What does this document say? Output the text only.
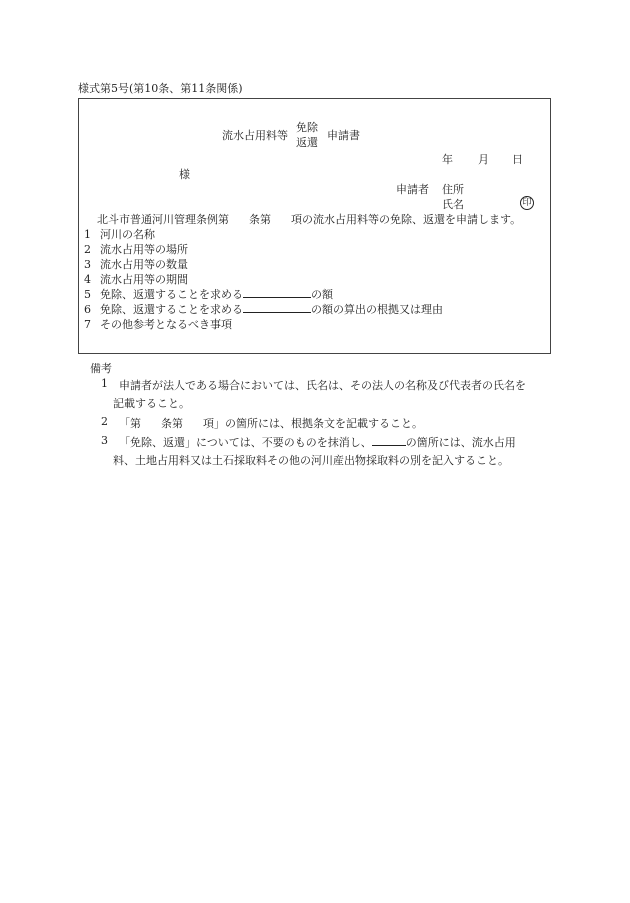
様式第5号(第10条、第11条関係)
流水占用料等
免除
返還
申請書
年 月 日
様
申請者 住所
氏名	印
北斗市普通河川管理条例第 条第 項の流水占用料等の免除、返還を申請します。
1 河川の名称
2 流水占用等の場所
3 流水占用等の数量
4 流水占用等の期間
5 免除、返還することを求める	の額
6 免除、返還することを求める	の額の算出の根拠又は理由
7 その他参考となるべき事項
備考
1 申請者が法人である場合においては、氏名は、その法人の名称及び代表者の氏名を
記載すること。
2 「第 条第 項」の箇所には、根拠条文を記載すること。
3 「免除、返還」については、不要のものを抹消し、	の箇所には、流水占用
料、土地占用料又は土石採取料その他の河川産出物採取料の別を記入すること。
